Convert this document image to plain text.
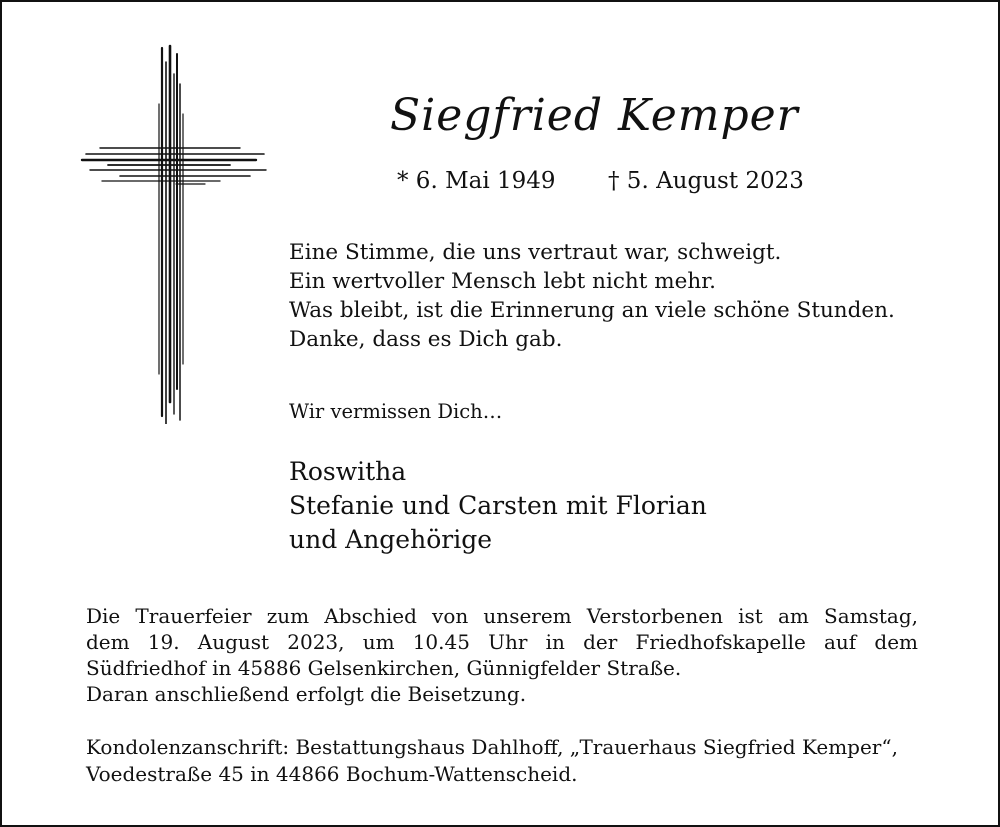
Siegfried Kemper
* 6. Mai 1949 † 5. August 2023
Eine Stimme, die uns vertraut war, schweigt.
Ein wertvoller Mensch lebt nicht mehr.
Was bleibt, ist die Erinnerung an viele schöne Stunden.
Danke, dass es Dich gab.
Wir vermissen Dich…
Roswitha
Stefanie und Carsten mit Florian
und Angehörige
Die Trauerfeier zum Abschied von unserem Verstorbenen ist am Samstag,
dem 19. August 2023, um 10.45 Uhr in der Friedhofskapelle auf dem
Südfriedhof in 45886 Gelsenkirchen, Günnigfelder Straße.
Daran anschließend erfolgt die Beisetzung.
Kondolenzanschrift: Bestattungshaus Dahlhoff, „Trauerhaus Siegfried Kemper“,
Voedestraße 45 in 44866 Bochum-Wattenscheid.
